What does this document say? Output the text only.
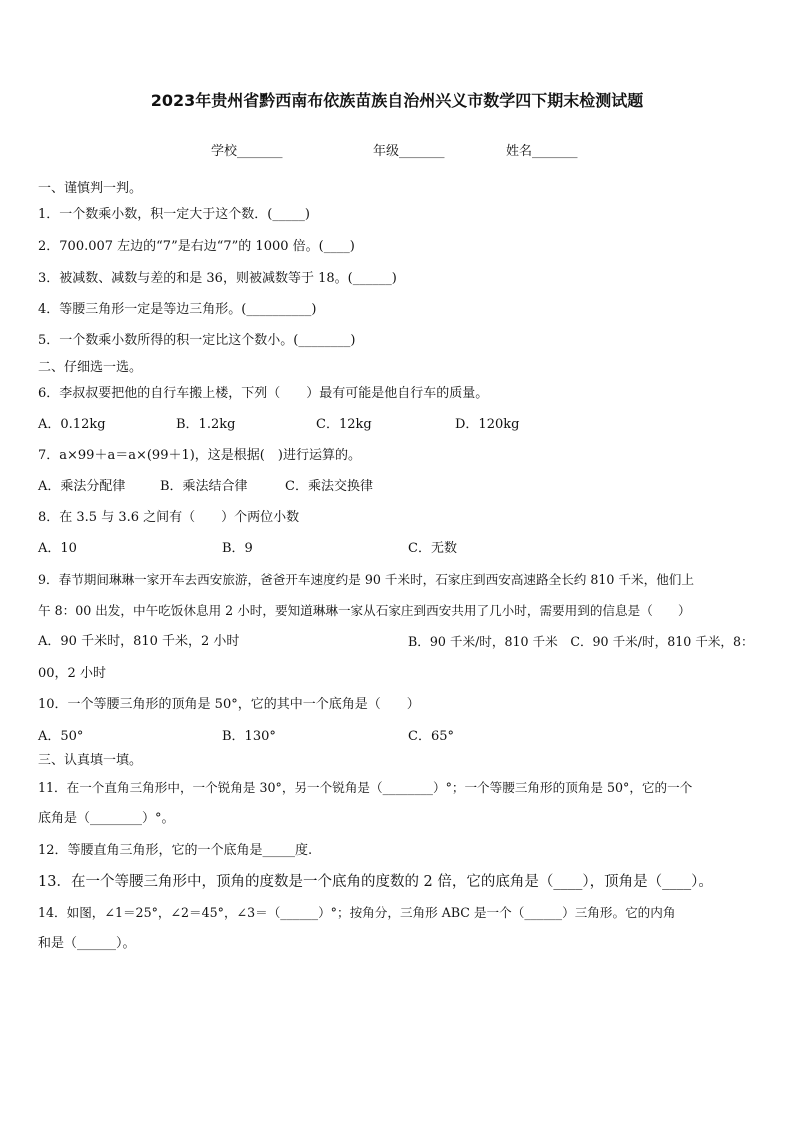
2023年贵州省黔西南布依族苗族自治州兴义市数学四下期末检测试题
学校_______	年级_______	姓名_______
一、谨慎判一判。
1．一个数乘小数，积一定大于这个数．(_____)
2．700.007 左边的“7”是右边“7”的 1000 倍。(____)
3．被减数、减数与差的和是 36，则被减数等于 18。(______)
4．等腰三角形一定是等边三角形。(__________)
5．一个数乘小数所得的积一定比这个数小。(________)
二、仔细选一选。
6．李叔叔要把他的自行车搬上楼，下列（　　）最有可能是他自行车的质量。
A．0.12kg	B．1.2kg	C．12kg	D．120kg
7．a×99＋a＝a×(99＋1)，这是根据(　)进行运算的。
A．乘法分配律	B．乘法结合律	C．乘法交换律
8．在 3.5 与 3.6 之间有（　　）个两位小数
A．10	B．9	C．无数
9．春节期间琳琳一家开车去西安旅游，爸爸开车速度约是 90 千米时，石家庄到西安高速路全长约 810 千米，他们上
午 8：00 出发，中午吃饭休息用 2 小时，要知道琳琳一家从石家庄到西安共用了几小时，需要用到的信息是（　　）
A．90 千米时，810 千米，2 小时	B．90 千米/时，810 千米　C．90 千米/时，810 千米，8：
00，2 小时
10．一个等腰三角形的顶角是 50°，它的其中一个底角是（　　）
A．50°	B．130°	C．65°
三、认真填一填。
11．在一个直角三角形中，一个锐角是 30°，另一个锐角是（________）°；一个等腰三角形的顶角是 50°，它的一个
底角是（________）°。
12．等腰直角三角形，它的一个底角是_____度.
13．在一个等腰三角形中，顶角的度数是一个底角的度数的 2 倍，它的底角是（____），顶角是（____）。
14．如图，∠1＝25°，∠2＝45°，∠3＝（______）°；按角分，三角形 ABC 是一个（______）三角形。它的内角
和是（______）。
